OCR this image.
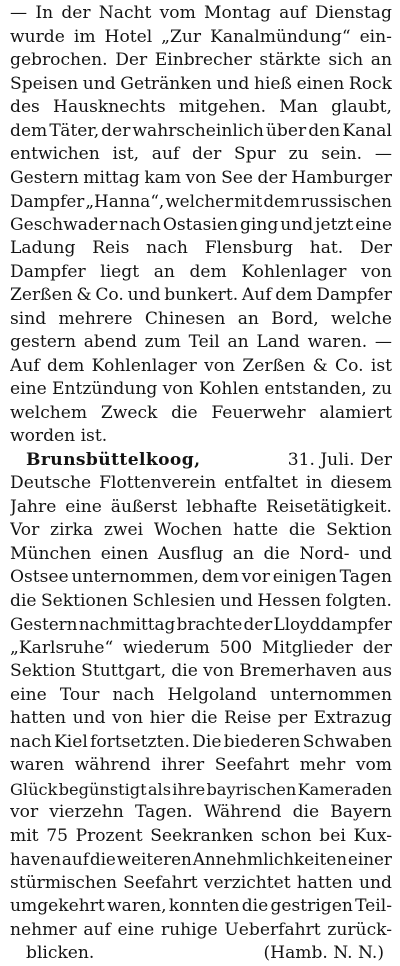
— In der Nacht vom Montag auf Dienstag
wurde im Hotel „Zur Kanalmündung“ ein-
gebrochen. Der Einbrecher stärkte sich an
Speisen und Getränken und hieß einen Rock
des Hausknechts mitgehen. Man glaubt,
dem Täter, der wahrscheinlich über den Kanal
entwichen ist, auf der Spur zu sein. —
Gestern mittag kam von See der Hamburger
Dampfer „Hanna“, welcher mit dem russischen
Geschwader nach Ostasien ging und jetzt eine
Ladung Reis nach Flensburg hat. Der
Dampfer liegt an dem Kohlenlager von
Zerßen & Co. und bunkert. Auf dem Dampfer
sind mehrere Chinesen an Bord, welche
gestern abend zum Teil an Land waren. —
Auf dem Kohlenlager von Zerßen & Co. ist
eine Entzündung von Kohlen entstanden, zu
welchem Zweck die Feuerwehr alamiert
worden ist.
Brunsbüttelkoog,	31. Juli. Der
Deutsche Flottenverein entfaltet in diesem
Jahre eine äußerst lebhafte Reisetätigkeit.
Vor zirka zwei Wochen hatte die Sektion
München einen Ausflug an die Nord- und
Ostsee unternommen, dem vor einigen Tagen
die Sektionen Schlesien und Hessen folgten.
Gestern nachmittag brachte der Lloyddampfer
„Karlsruhe“ wiederum 500 Mitglieder der
Sektion Stuttgart, die von Bremerhaven aus
eine Tour nach Helgoland unternommen
hatten und von hier die Reise per Extrazug
nach Kiel fortsetzten. Die biederen Schwaben
waren während ihrer Seefahrt mehr vom
Glück begünstigt als ihre bayrischen Kameraden
vor vierzehn Tagen. Während die Bayern
mit 75 Prozent Seekranken schon bei Kux-
haven auf die weiteren Annehmlichkeiten einer
stürmischen Seefahrt verzichtet hatten und
umgekehrt waren, konnten die gestrigen Teil-
nehmer auf eine ruhige Ueberfahrt zurück-
blicken.	(Hamb. N. N.)
